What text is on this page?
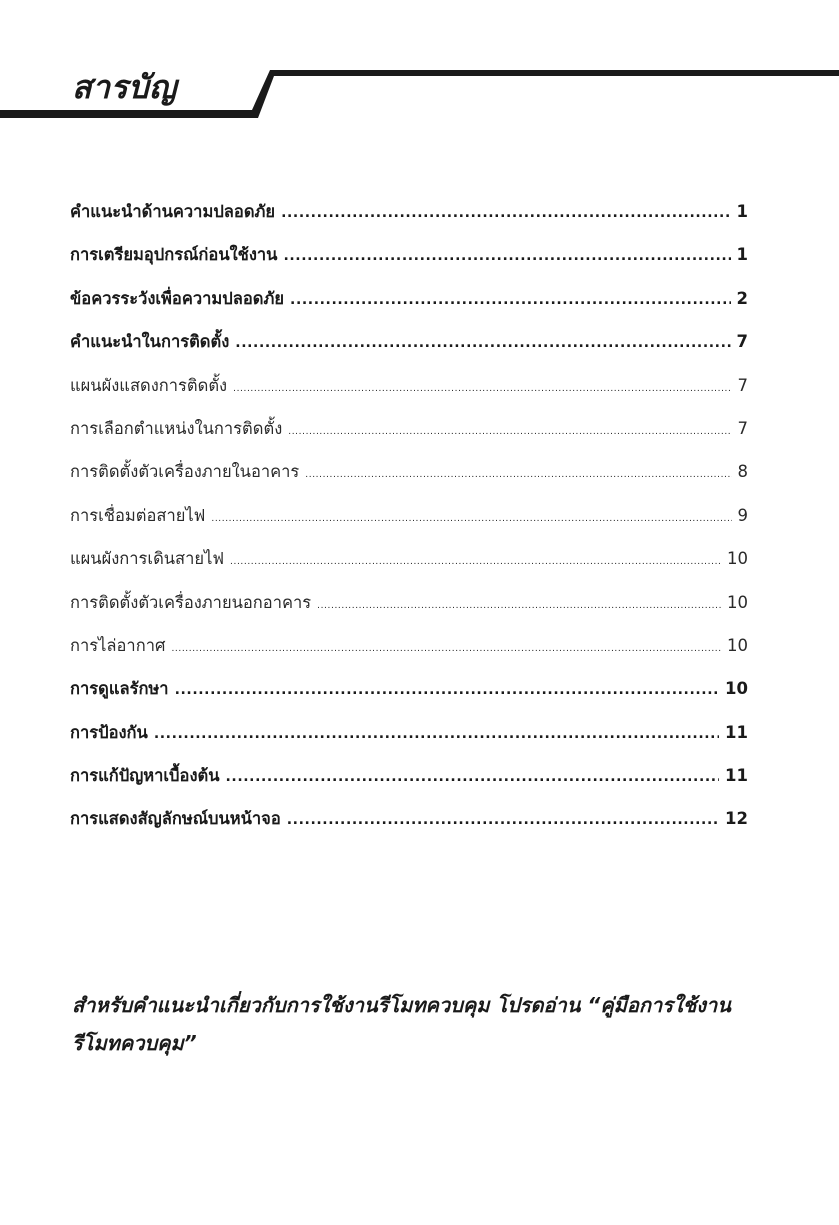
สารบัญ
คำแนะนำด้านความปลอดภัย .....	1
การเตรียมอุปกรณ์ก่อนใช้งาน .....	1
ข้อควรระวังเพื่อความปลอดภัย .....	2
คำแนะนำในการติดตั้ง .....	7
แผนผังแสดงการติดตั้ง .....	7
การเลือกตำแหน่งในการติดตั้ง .....	7
การติดตั้งตัวเครื่องภายในอาคาร .....	8
การเชื่อมต่อสายไฟ .....	9
แผนผังการเดินสายไฟ .....	10
การติดตั้งตัวเครื่องภายนอกอาคาร .....	10
การไล่อากาศ .....	10
การดูแลรักษา .....	10
การป้องกัน .....	11
การแก้ปัญหาเบื้องต้น .....	11
การแสดงสัญลักษณ์บนหน้าจอ .....	12

สำหรับคำแนะนำเกี่ยวกับการใช้งานรีโมทควบคุม โปรดอ่าน “คู่มือการใช้งานรีโมทควบคุม”
